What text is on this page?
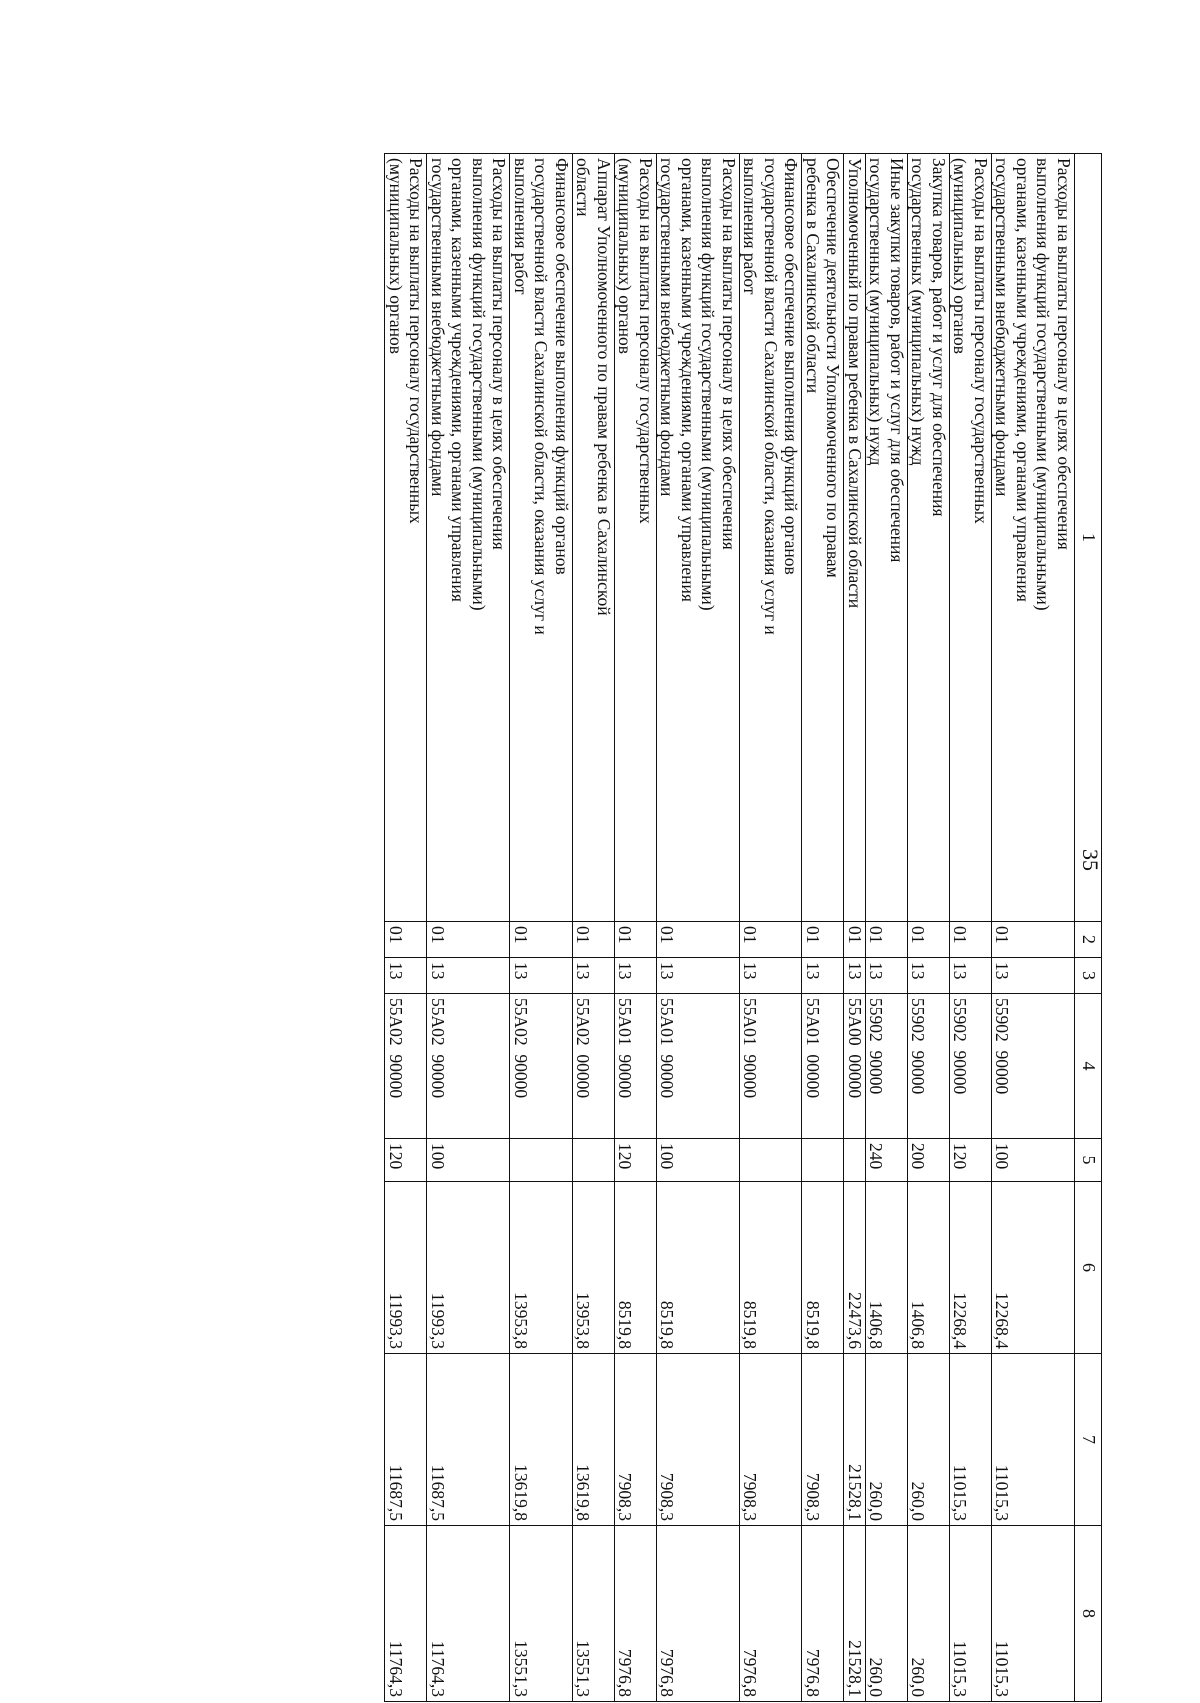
35
1	2	3	4	5	6	7	8

Расходы на выплаты персоналу в целях обеспечения
выполнения функций государственными (муниципальными)
органами, казенными учреждениями, органами управления
государственными внебюджетными фондами	01	13	55902  90000	100	12268,4	11015,3	11015,3

Расходы на выплаты персоналу государственных
(муниципальных) органов	01	13	55902  90000	120	12268,4	11015,3	11015,3

Закупка товаров, работ и услуг для обеспечения
государственных (муниципальных) нужд	01	13	55902  90000	200	1406,8	260,0	260,0

Иные закупки товаров, работ и услуг для обеспечения
государственных (муниципальных) нужд	01	13	55902  90000	240	1406,8	260,0	260,0

Уполномоченный по правам ребенка в Сахалинской области	01	13	55А00  00000		22473,6	21528,1	21528,1

Обеспечение деятельности Уполномоченного по правам
ребенка в Сахалинской области	01	13	55А01  00000		8519,8	7908,3	7976,8

Финансовое обеспечение выполнения функций органов
государственной власти Сахалинской области, оказания услуг и
выполнения работ	01	13	55А01  90000		8519,8	7908,3	7976,8

Расходы на выплаты персоналу в целях обеспечения
выполнения функций государственными (муниципальными)
органами, казенными учреждениями, органами управления
государственными внебюджетными фондами	01	13	55А01  90000	100	8519,8	7908,3	7976,8

Расходы на выплаты персоналу государственных
(муниципальных) органов	01	13	55А01  90000	120	8519,8	7908,3	7976,8

Аппарат Уполномоченного по правам ребенка в Сахалинской
области	01	13	55А02  00000		13953,8	13619,8	13551,3

Финансовое обеспечение выполнения функций органов
государственной власти Сахалинской области, оказания услуг и
выполнения работ	01	13	55А02  90000		13953,8	13619,8	13551,3

Расходы на выплаты персоналу в целях обеспечения
выполнения функций государственными (муниципальными)
органами, казенными учреждениями, органами управления
государственными внебюджетными фондами	01	13	55А02  90000	100	11993,3	11687,5	11764,3

Расходы на выплаты персоналу государственных
(муниципальных) органов	01	13	55А02  90000	120	11993,3	11687,5	11764,3
